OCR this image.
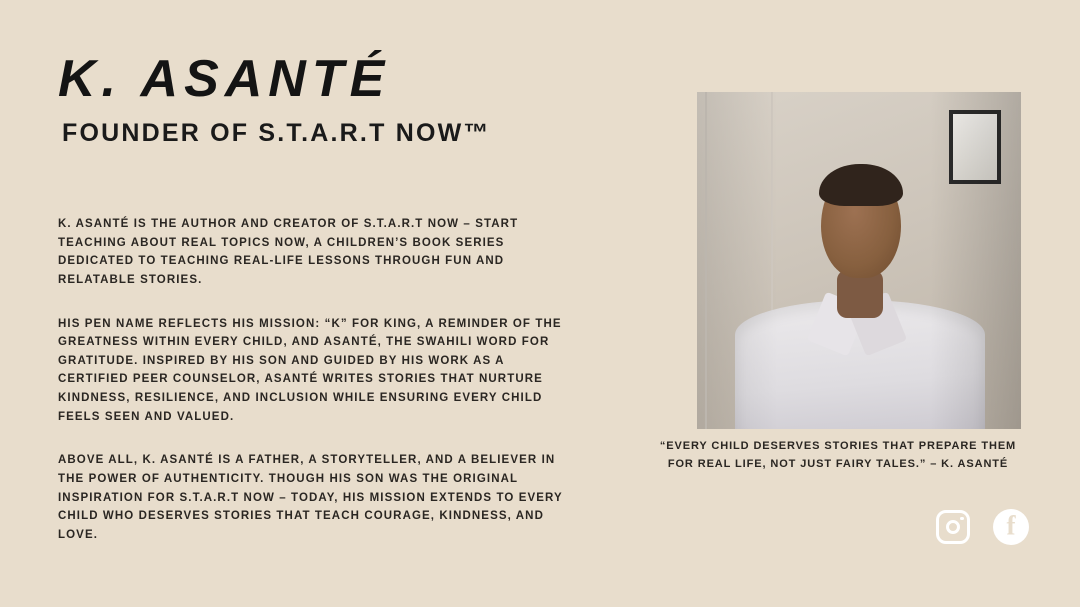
K. ASANTÉ
FOUNDER OF S.T.A.R.T NOW™

K. ASANTÉ IS THE AUTHOR AND CREATOR OF S.T.A.R.T NOW – START TEACHING ABOUT REAL TOPICS NOW, A CHILDREN’S BOOK SERIES DEDICATED TO TEACHING REAL-LIFE LESSONS THROUGH FUN AND RELATABLE STORIES.

HIS PEN NAME REFLECTS HIS MISSION: “K” FOR KING, A REMINDER OF THE GREATNESS WITHIN EVERY CHILD, AND ASANTÉ, THE SWAHILI WORD FOR GRATITUDE. INSPIRED BY HIS SON AND GUIDED BY HIS WORK AS A CERTIFIED PEER COUNSELOR, ASANTÉ WRITES STORIES THAT NURTURE KINDNESS, RESILIENCE, AND INCLUSION WHILE ENSURING EVERY CHILD FEELS SEEN AND VALUED.

ABOVE ALL, K. ASANTÉ IS A FATHER, A STORYTELLER, AND A BELIEVER IN THE POWER OF AUTHENTICITY. THOUGH HIS SON WAS THE ORIGINAL INSPIRATION FOR S.T.A.R.T NOW – TODAY, HIS MISSION EXTENDS TO EVERY CHILD WHO DESERVES STORIES THAT TEACH COURAGE, KINDNESS, AND LOVE.

“EVERY CHILD DESERVES STORIES THAT PREPARE THEM FOR REAL LIFE, NOT JUST FAIRY TALES.” – K. ASANTÉ
f
